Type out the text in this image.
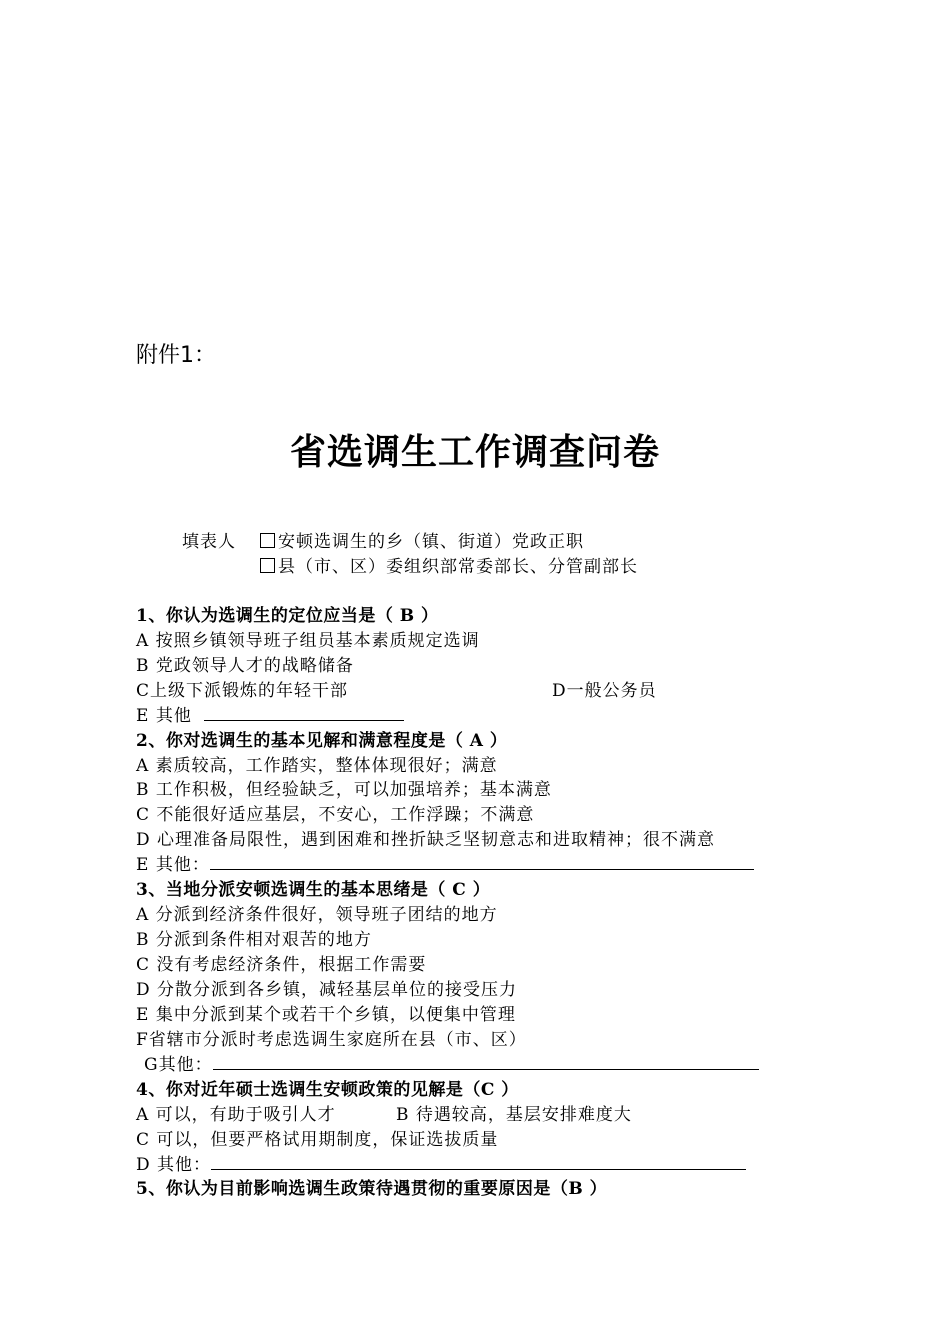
附件1：
省选调生工作调查问卷
填表人	安顿选调生的乡（镇、街道）党政正职
县（市、区）委组织部常委部长、分管副部长
1、你认为选调生的定位应当是（ B ）
A 按照乡镇领导班子组员基本素质规定选调
B 党政领导人才的战略储备
C上级下派锻炼的年轻干部	D一般公务员
E 其他
2、你对选调生的基本见解和满意程度是（ A ）
A 素质较高，工作踏实，整体体现很好；满意
B 工作积极，但经验缺乏，可以加强培养；基本满意
C 不能很好适应基层，不安心，工作浮躁；不满意
D 心理准备局限性，遇到困难和挫折缺乏坚韧意志和进取精神；很不满意
E 其他：
3、当地分派安顿选调生的基本思绪是（ C ）
A 分派到经济条件很好，领导班子团结的地方
B 分派到条件相对艰苦的地方
C 没有考虑经济条件，根据工作需要
D 分散分派到各乡镇，减轻基层单位的接受压力
E 集中分派到某个或若干个乡镇，以便集中管理
F省辖市分派时考虑选调生家庭所在县（市、区）
G其他：
4、你对近年硕士选调生安顿政策的见解是（C ）
A 可以，有助于吸引人才	B 待遇较高，基层安排难度大
C 可以，但要严格试用期制度，保证选拔质量
D 其他：
5、你认为目前影响选调生政策待遇贯彻的重要原因是（B ）
